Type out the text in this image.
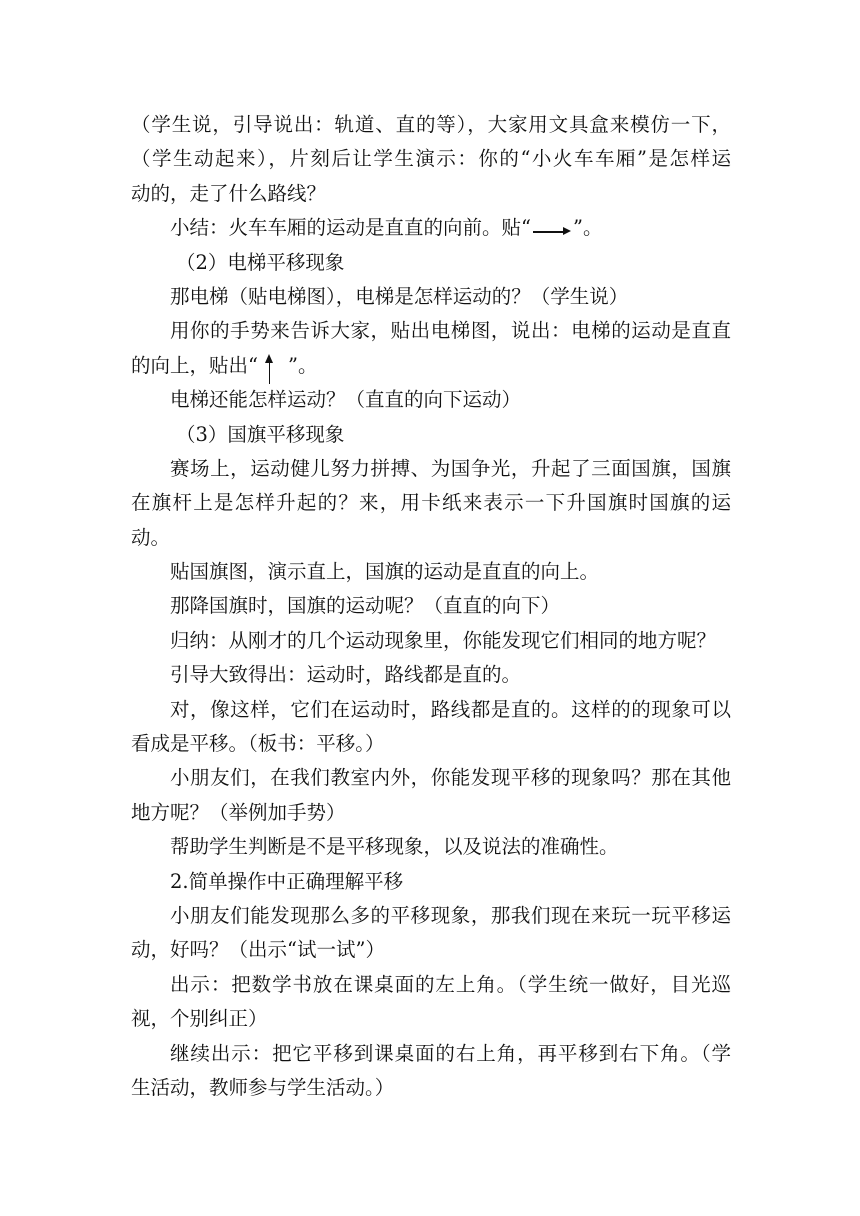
（学生说，引导说出：轨道、直的等），大家用文具盒来模仿一下，
（学生动起来），片刻后让学生演示：你的“小火车车厢”是怎样运
动的，走了什么路线？
小结：火车车厢的运动是直直的向前。贴“ ”。
（2）电梯平移现象
那电梯（贴电梯图），电梯是怎样运动的？（学生说）
用你的手势来告诉大家，贴出电梯图，说出：电梯的运动是直直
的向上，贴出“ ”。
电梯还能怎样运动？（直直的向下运动）
（3）国旗平移现象
赛场上，运动健儿努力拼搏、为国争光，升起了三面国旗，国旗
在旗杆上是怎样升起的？来，用卡纸来表示一下升国旗时国旗的运
动。
贴国旗图，演示直上，国旗的运动是直直的向上。
那降国旗时，国旗的运动呢？（直直的向下）
归纳：从刚才的几个运动现象里，你能发现它们相同的地方呢？
引导大致得出：运动时，路线都是直的。
对，像这样，它们在运动时，路线都是直的。这样的的现象可以
看成是平移。（板书：平移。）
小朋友们，在我们教室内外，你能发现平移的现象吗？那在其他
地方呢？（举例加手势）
帮助学生判断是不是平移现象，以及说法的准确性。
2.简单操作中正确理解平移
小朋友们能发现那么多的平移现象，那我们现在来玩一玩平移运
动，好吗？（出示“试一试”）
出示：把数学书放在课桌面的左上角。（学生统一做好，目光巡
视，个别纠正）
继续出示：把它平移到课桌面的右上角，再平移到右下角。（学
生活动，教师参与学生活动。）
